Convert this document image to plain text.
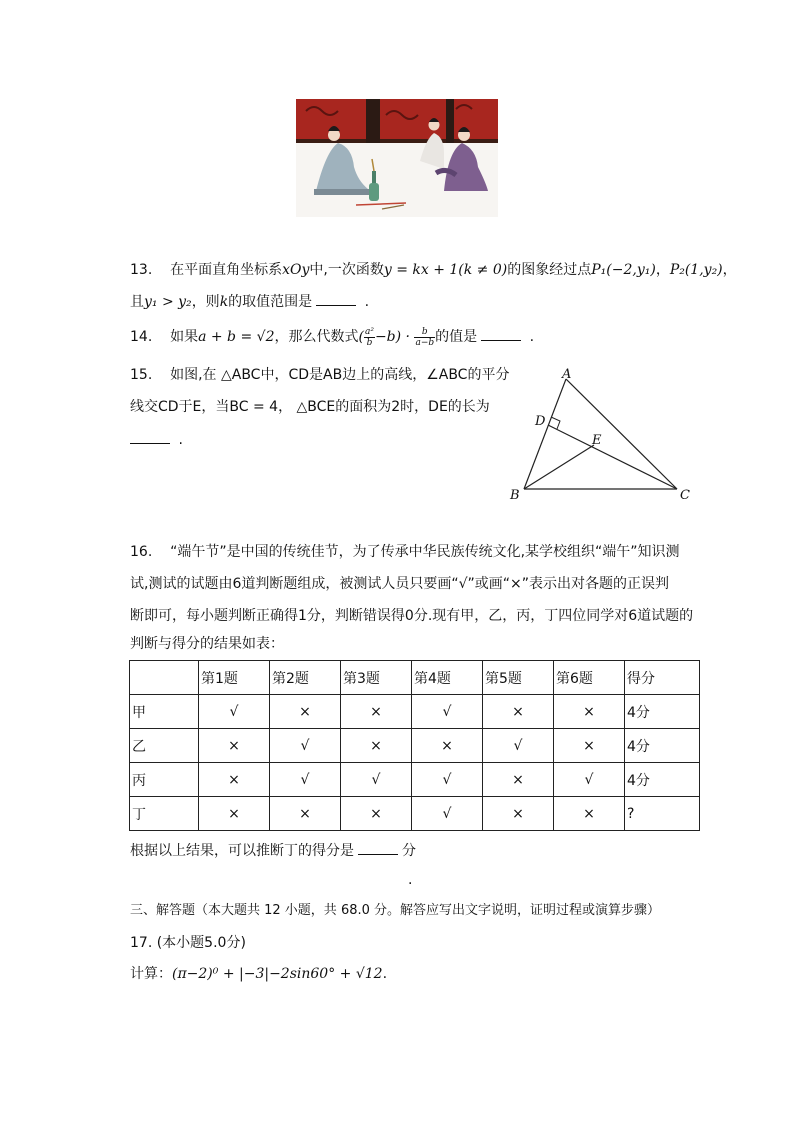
13. 在平面直角坐标系xOy中,一次函数y = kx + 1(k ≠ 0)的图象经过点P₁(−2,y₁)，P₂(1,y₂)，
且y₁ > y₂，则k的取值范围是	.
14. 如果a + b = √2，那么代数式( $\frac{\text{a²}}{b} -b) \cdot \frac{b}{a-b}$ 的值是	.
15. 如图,在 △ABC中，CD是AB边上的高线，∠ABC的平分
线交CD于E，当BC = 4， △BCE的面积为2时，DE的长为
.
A
B	C
D
E
16. “端午节”是中国的传统佳节，为了传承中华民族传统文化,某学校组织“端午”知识测
试,测试的试题由6道判断题组成，被测试人员只要画“√”或画“×”表示出对各题的正误判
断即可，每小题判断正确得1分，判断错误得0分.现有甲，乙，丙，丁四位同学对6道试题的
判断与得分的结果如表：
	第1题	第2题	第3题	第4题	第5题	第6题	得分
甲	√	×	×	√	×	×	4分
乙	×	√	×	×	√	×	4分
丙	×	√	√	√	×	√	4分
丁	×	×	×	√	×	×	?
根据以上结果，可以推断丁的得分是	分
.
三、解答题（本大题共 12 小题，共 68.0 分。解答应写出文字说明，证明过程或演算步骤）
17. (本小题5.0分)
计算：(π−2)⁰ + |−3|−2sin60° + √12.
